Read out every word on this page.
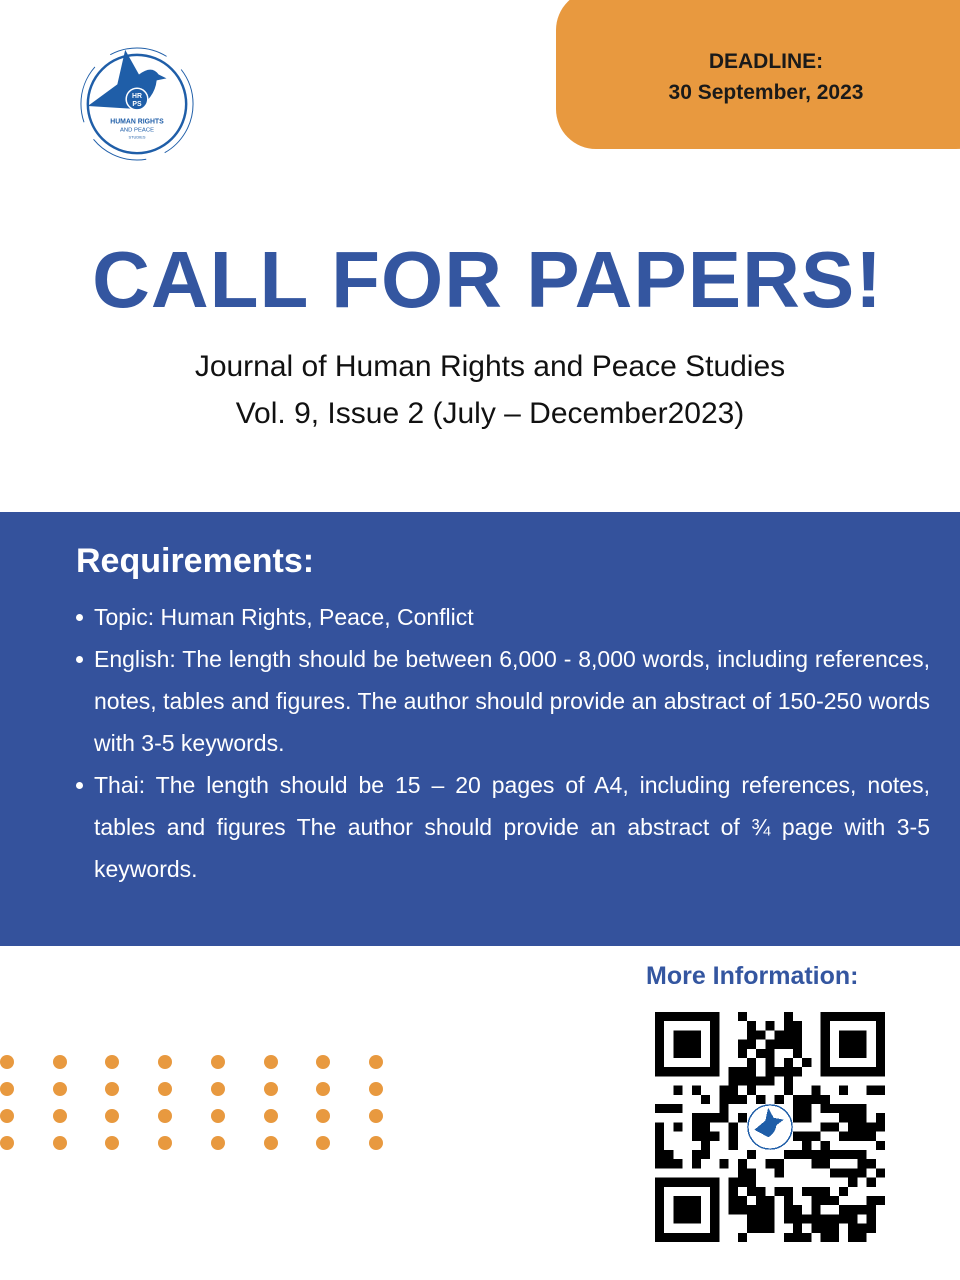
DEADLINE:
30 September, 2023
HR
PS
HUMAN RIGHTS
AND PEACE
STUDIES
CALL FOR PAPERS!
Journal of Human Rights and Peace Studies
Vol. 9, Issue 2 (July – December2023)
Requirements:
Topic: Human Rights, Peace, Conflict
English: The length should be between 6,000 - 8,000 words, including references, notes, tables and figures. The author should provide an abstract of 150-250 words with 3-5 keywords.
Thai: The length should be 15 – 20 pages of A4, including references, notes, tables and figures The author should provide an abstract of ¾ page with 3-5 keywords.
More Information:
